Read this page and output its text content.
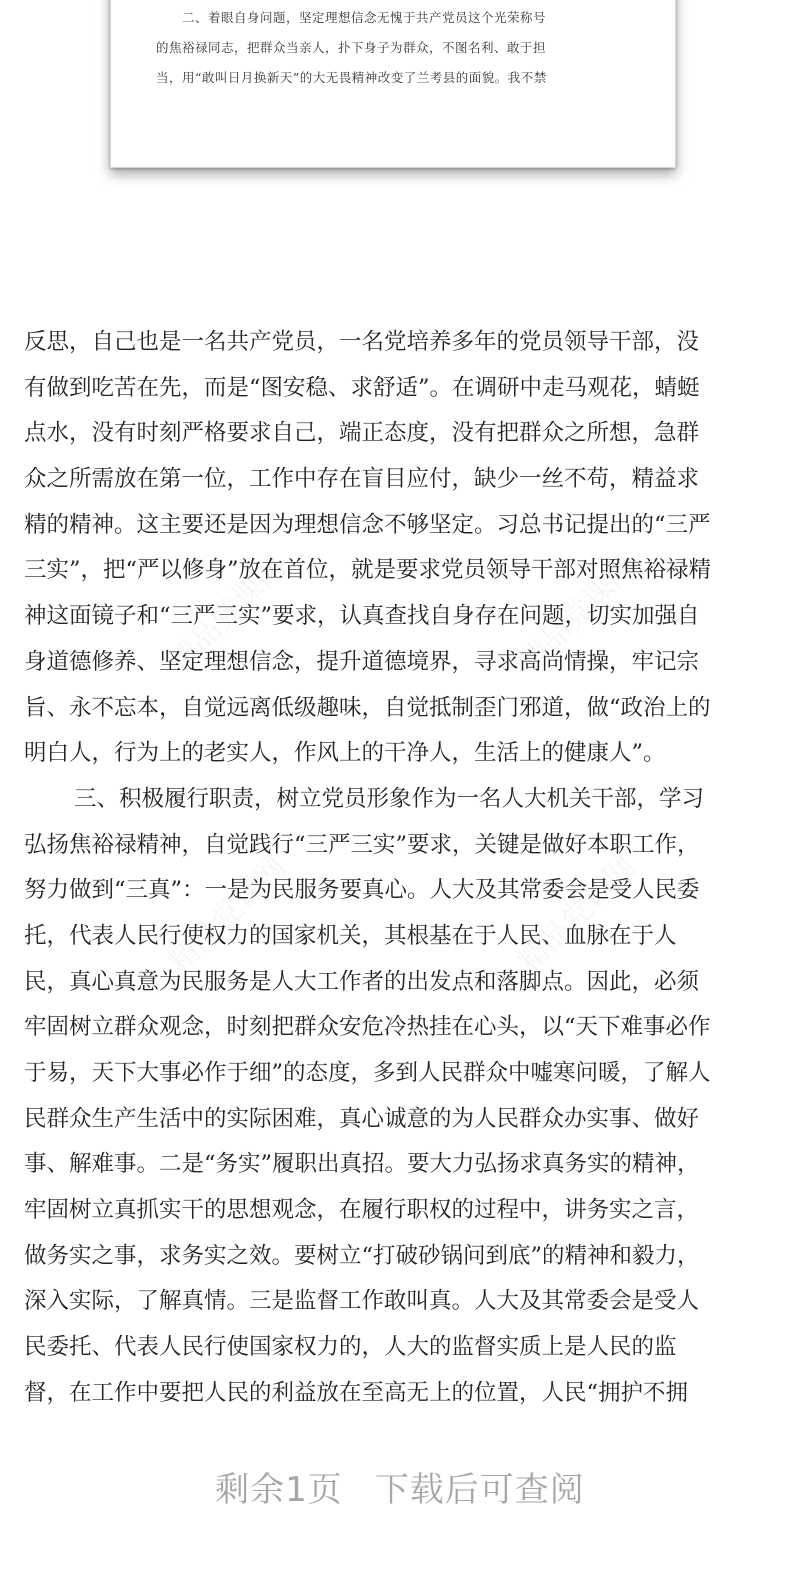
二、着眼自身问题，坚定理想信念无愧于共产党员这个光荣称号
的焦裕禄同志，把群众当亲人，扑下身子为群众，不图名利、敢于担
当，用“敢叫日月换新天”的大无畏精神改变了兰考县的面貌。我不禁
精品党课网	精品党课网
精品党课网	精品党课网
反思，自己也是一名共产党员，一名党培养多年的党员领导干部，没
有做到吃苦在先，而是“图安稳、求舒适”。在调研中走马观花，蜻蜓
点水，没有时刻严格要求自己，端正态度，没有把群众之所想，急群
众之所需放在第一位，工作中存在盲目应付，缺少一丝不苟，精益求
精的精神。这主要还是因为理想信念不够坚定。习总书记提出的“三严
三实”，把“严以修身”放在首位，就是要求党员领导干部对照焦裕禄精
神这面镜子和“三严三实”要求，认真查找自身存在问题，切实加强自
身道德修养、坚定理想信念，提升道德境界，寻求高尚情操，牢记宗
旨、永不忘本，自觉远离低级趣味，自觉抵制歪门邪道，做“政治上的
明白人，行为上的老实人，作风上的干净人，生活上的健康人”。
三、积极履行职责，树立党员形象作为一名人大机关干部，学习
弘扬焦裕禄精神，自觉践行“三严三实”要求，关键是做好本职工作，
努力做到“三真”：一是为民服务要真心。人大及其常委会是受人民委
托，代表人民行使权力的国家机关，其根基在于人民、血脉在于人
民，真心真意为民服务是人大工作者的出发点和落脚点。因此，必须
牢固树立群众观念，时刻把群众安危冷热挂在心头，以“天下难事必作
于易，天下大事必作于细”的态度，多到人民群众中嘘寒问暖，了解人
民群众生产生活中的实际困难，真心诚意的为人民群众办实事、做好
事、解难事。二是“务实”履职出真招。要大力弘扬求真务实的精神，
牢固树立真抓实干的思想观念，在履行职权的过程中，讲务实之言，
做务实之事，求务实之效。要树立“打破砂锅问到底”的精神和毅力，
深入实际，了解真情。三是监督工作敢叫真。人大及其常委会是受人
民委托、代表人民行使国家权力的，人大的监督实质上是人民的监
督，在工作中要把人民的利益放在至高无上的位置，人民“拥护不拥
剩余1页 下载后可查阅
